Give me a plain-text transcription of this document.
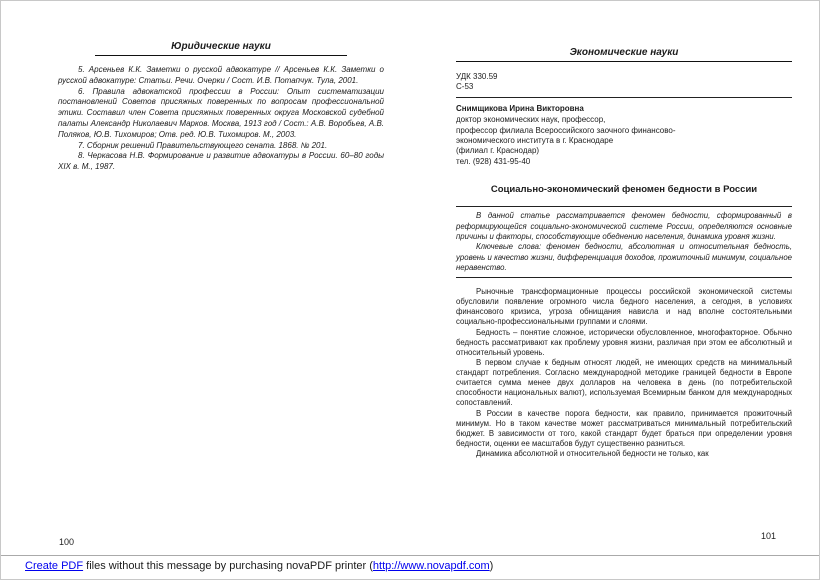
Юридические науки

5. Арсеньев К.К. Заметки о русской адвокатуре // Арсеньев К.К. Заметки о русской адвокатуре: Статьи. Речи. Очерки / Сост. И.В. Потапчук. Тула, 2001.

6. Правила адвокатской профессии в России: Опыт систематизации постановлений Советов присяжных поверенных по вопросам профессиональной этики. Составил член Совета присяжных поверенных округа Московской судебной палаты Александр Николаевич Марков. Москва, 1913 год / Сост.: А.В. Воробьев, А.В. Поляков, Ю.В. Тихомиров; Отв. ред. Ю.В. Тихомиров. М., 2003.

7. Сборник решений Правительствующего сената. 1868. № 201.

8. Черкасова Н.В. Формирование и развитие адвокатуры в России. 60–80 годы XIX в. М., 1987.

100
Экономические науки
УДК 330.59
С-53
Снимщикова Ирина Викторовна
доктор экономических наук, профессор,
профессор филиала Всероссийского заочного финансово-
экономического института в г. Краснодаре
(филиал г. Краснодар)
тел. (928) 431-95-40
Социально-экономический феномен бедности в России

В данной статье рассматривается феномен бедности, сформированный в реформирующейся социально-экономической системе России, определяются основные причины и факторы, способствующие обеднению населения, динамика уровня жизни.

Ключевые слова: феномен бедности, абсолютная и относительная бедность, уровень и качество жизни, дифференциация доходов, прожиточный минимум, социальное неравенство.

Рыночные трансформационные процессы российской экономической системы обусловили появление огромного числа бедного населения, а сегодня, в условиях финансового кризиса, угроза обнищания нависла и над вполне состоятельными социально-профессиональными группами и слоями.

Бедность – понятие сложное, исторически обусловленное, многофакторное. Обычно бедность рассматривают как проблему уровня жизни, различая при этом ее абсолютный и относительный уровень.

В первом случае к бедным относят людей, не имеющих средств на минимальный стандарт потребления. Согласно международной методике границей бедности в Европе считается сумма менее двух долларов на человека в день (по потребительской способности национальных валют), используемая Всемирным банком для международных сопоставлений.

В России в качестве порога бедности, как правило, принимается прожиточный минимум. Но в таком качестве может рассматриваться минимальный потребительский бюджет. В зависимости от того, какой стандарт будет браться при определении уровня бедности, оценки ее масштабов будут существенно разниться.

Динамика абсолютной и относительной бедности не только, как

101
Create PDF files without this message by purchasing novaPDF printer (http://www.novapdf.com)
